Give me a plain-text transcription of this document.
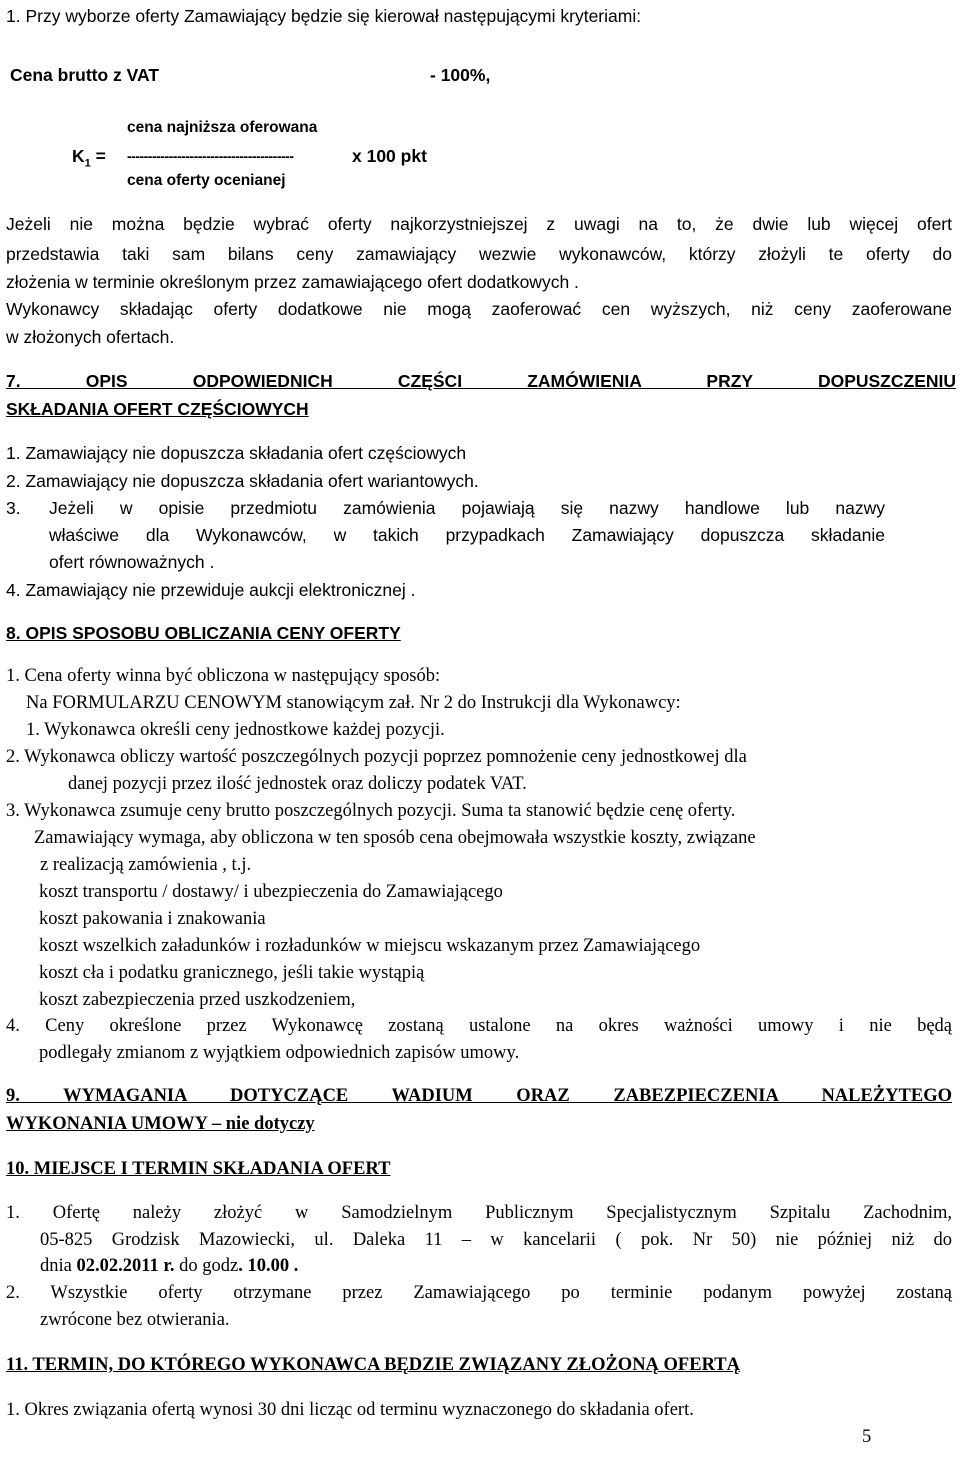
1. Przy wyborze oferty Zamawiający będzie się kierował następującymi kryteriami:
Cena brutto z VAT	- 100%,
cena najniższa oferowana
$K_1$ = ----------------------------------------	x 100 pkt
cena oferty ocenianej
Jeżeli nie można będzie wybrać oferty najkorzystniejszej z uwagi na to, że dwie lub więcej ofert
przedstawia taki sam bilans ceny zamawiający wezwie wykonawców, którzy złożyli te oferty do
złożenia w terminie określonym przez zamawiającego ofert dodatkowych .
Wykonawcy składając oferty dodatkowe nie mogą zaoferować cen wyższych, niż ceny zaoferowane
w złożonych ofertach.
7. OPIS ODPOWIEDNICH CZĘŚCI ZAMÓWIENIA PRZY DOPUSZCZENIU
SKŁADANIA OFERT CZĘŚCIOWYCH
1. Zamawiający nie dopuszcza składania ofert częściowych
2. Zamawiający nie dopuszcza składania ofert wariantowych.
3. Jeżeli w opisie przedmiotu zamówienia pojawiają się nazwy handlowe lub nazwy
właściwe dla Wykonawców, w takich przypadkach Zamawiający dopuszcza składanie
ofert równoważnych .
4. Zamawiający nie przewiduje aukcji elektronicznej .
8. OPIS SPOSOBU OBLICZANIA CENY OFERTY
1. Cena oferty winna być obliczona w następujący sposób:
Na FORMULARZU CENOWYM stanowiącym zał. Nr 2 do Instrukcji dla Wykonawcy:
1. Wykonawca określi ceny jednostkowe każdej pozycji.
2. Wykonawca obliczy wartość poszczególnych pozycji poprzez pomnożenie ceny jednostkowej dla
danej pozycji przez ilość jednostek oraz doliczy podatek VAT.
3. Wykonawca zsumuje ceny brutto poszczególnych pozycji. Suma ta stanowić będzie cenę oferty.
Zamawiający wymaga, aby obliczona w ten sposób cena obejmowała wszystkie koszty, związane
z realizacją zamówienia , t.j.
koszt transportu / dostawy/ i ubezpieczenia do Zamawiającego
koszt pakowania i znakowania
koszt wszelkich załadunków i rozładunków w miejscu wskazanym przez Zamawiającego
koszt cła i podatku granicznego, jeśli takie wystąpią
koszt zabezpieczenia przed uszkodzeniem,
4. Ceny określone przez Wykonawcę zostaną ustalone na okres ważności umowy i nie będą
podlegały zmianom z wyjątkiem odpowiednich zapisów umowy.
9. WYMAGANIA DOTYCZĄCE WADIUM ORAZ ZABEZPIECZENIA NALEŻYTEGO
WYKONANIA UMOWY – nie dotyczy
10. MIEJSCE I TERMIN SKŁADANIA OFERT
1. Ofertę należy złożyć w Samodzielnym Publicznym Specjalistycznym Szpitalu Zachodnim,
05-825 Grodzisk Mazowiecki, ul. Daleka 11 – w kancelarii ( pok. Nr 50) nie później niż do
dnia 02.02.2011 r. do godz. 10.00 .
2. Wszystkie oferty otrzymane przez Zamawiającego po terminie podanym powyżej zostaną
zwrócone bez otwierania.
11. TERMIN, DO KTÓREGO WYKONAWCA BĘDZIE ZWIĄZANY ZŁOŻONĄ OFERTĄ
1. Okres związania ofertą wynosi 30 dni licząc od terminu wyznaczonego do składania ofert.
5
